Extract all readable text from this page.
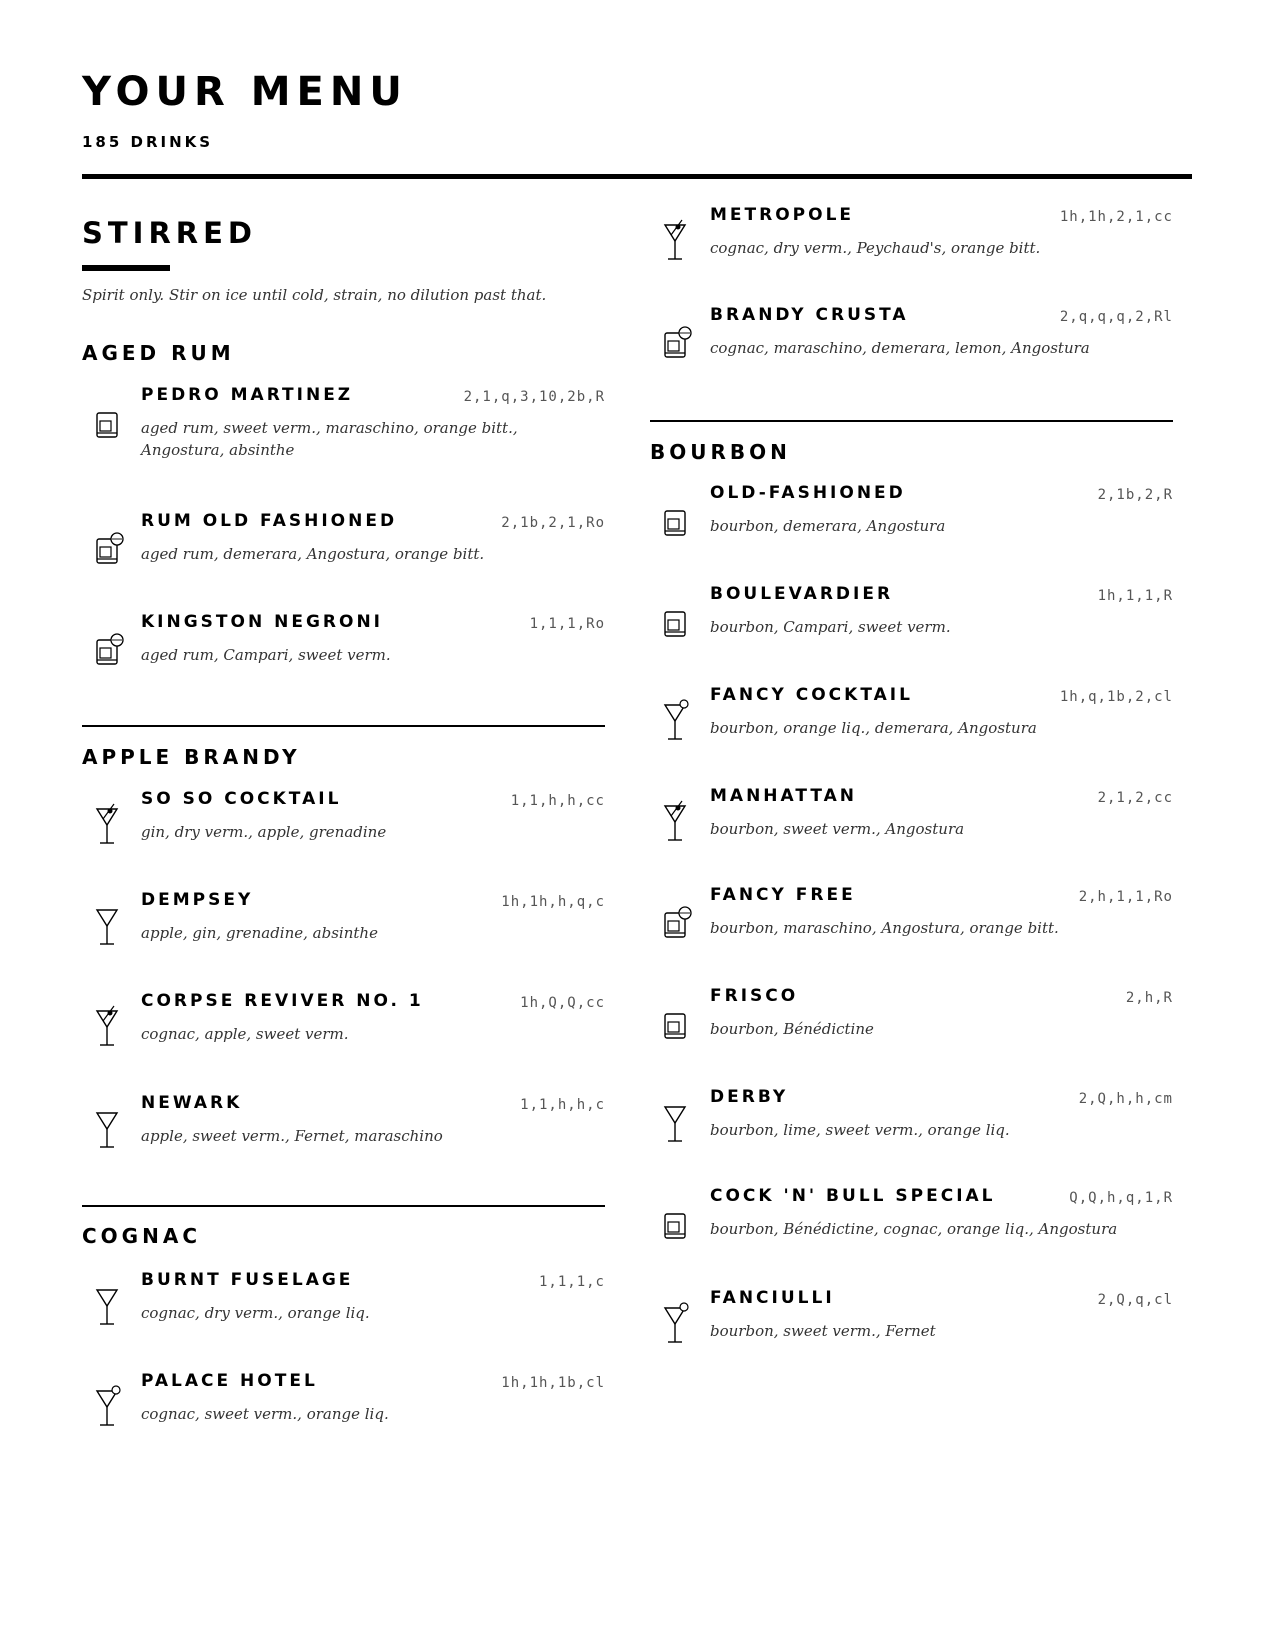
YOUR MENU
185 DRINKS
STIRRED
Spirit only. Stir on ice until cold, strain, no dilution past that.
AGED RUM
PEDRO MARTINEZ	2,1,q,3,10,2b,R
aged rum, sweet verm., maraschino, orange bitt., Angostura, absinthe
RUM OLD FASHIONED	2,1b,2,1,Ro
aged rum, demerara, Angostura, orange bitt.
KINGSTON NEGRONI	1,1,1,Ro
aged rum, Campari, sweet verm.
APPLE BRANDY
SO SO COCKTAIL	1,1,h,h,cc
gin, dry verm., apple, grenadine
DEMPSEY	1h,1h,h,q,c
apple, gin, grenadine, absinthe
CORPSE REVIVER NO. 1	1h,Q,Q,cc
cognac, apple, sweet verm.
NEWARK	1,1,h,h,c
apple, sweet verm., Fernet, maraschino
COGNAC
BURNT FUSELAGE	1,1,1,c
cognac, dry verm., orange liq.
PALACE HOTEL	1h,1h,1b,cl
cognac, sweet verm., orange liq.
METROPOLE	1h,1h,2,1,cc
cognac, dry verm., Peychaud's, orange bitt.
BRANDY CRUSTA	2,q,q,q,2,Rl
cognac, maraschino, demerara, lemon, Angostura
BOURBON
OLD-FASHIONED	2,1b,2,R
bourbon, demerara, Angostura
BOULEVARDIER	1h,1,1,R
bourbon, Campari, sweet verm.
FANCY COCKTAIL	1h,q,1b,2,cl
bourbon, orange liq., demerara, Angostura
MANHATTAN	2,1,2,cc
bourbon, sweet verm., Angostura
FANCY FREE	2,h,1,1,Ro
bourbon, maraschino, Angostura, orange bitt.
FRISCO	2,h,R
bourbon, Bénédictine
DERBY	2,Q,h,h,cm
bourbon, lime, sweet verm., orange liq.
COCK 'N' BULL SPECIAL	Q,Q,h,q,1,R
bourbon, Bénédictine, cognac, orange liq., Angostura
FANCIULLI	2,Q,q,cl
bourbon, sweet verm., Fernet
